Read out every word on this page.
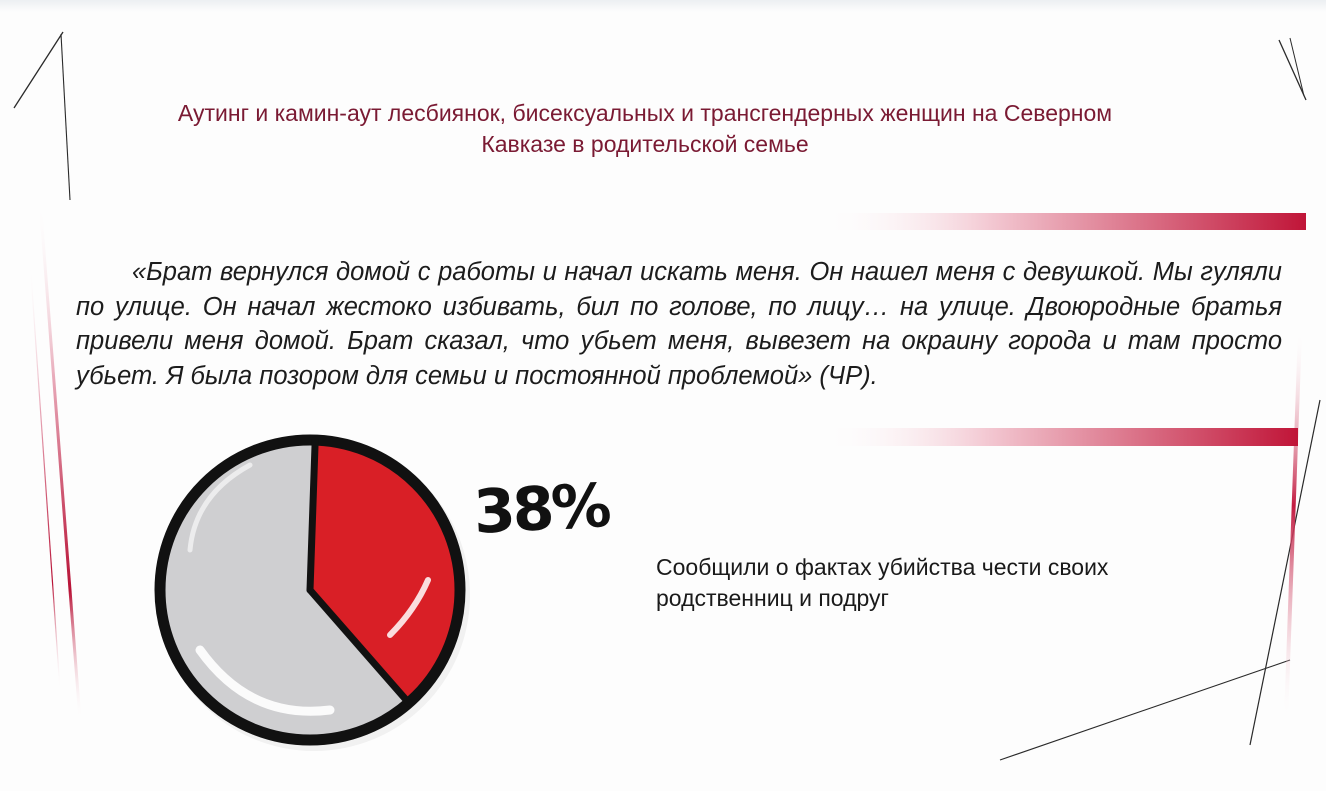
Аутинг и камин-аут лесбиянок, бисексуальных и трансгендерных женщин на Северном Кавказе в родительской семье

«Брат вернулся домой с работы и начал искать меня. Он нашел меня с девушкой. Мы гуляли по улице. Он начал жестоко избивать, бил по голове, по лицу… на улице. Двоюродные братья привели меня домой. Брат сказал, что убьет меня, вывезет на окраину города и там просто убьет. Я была позором для семьи и постоянной проблемой» (ЧР).

38%

Сообщили о фактах убийства чести своих родственниц и подруг
